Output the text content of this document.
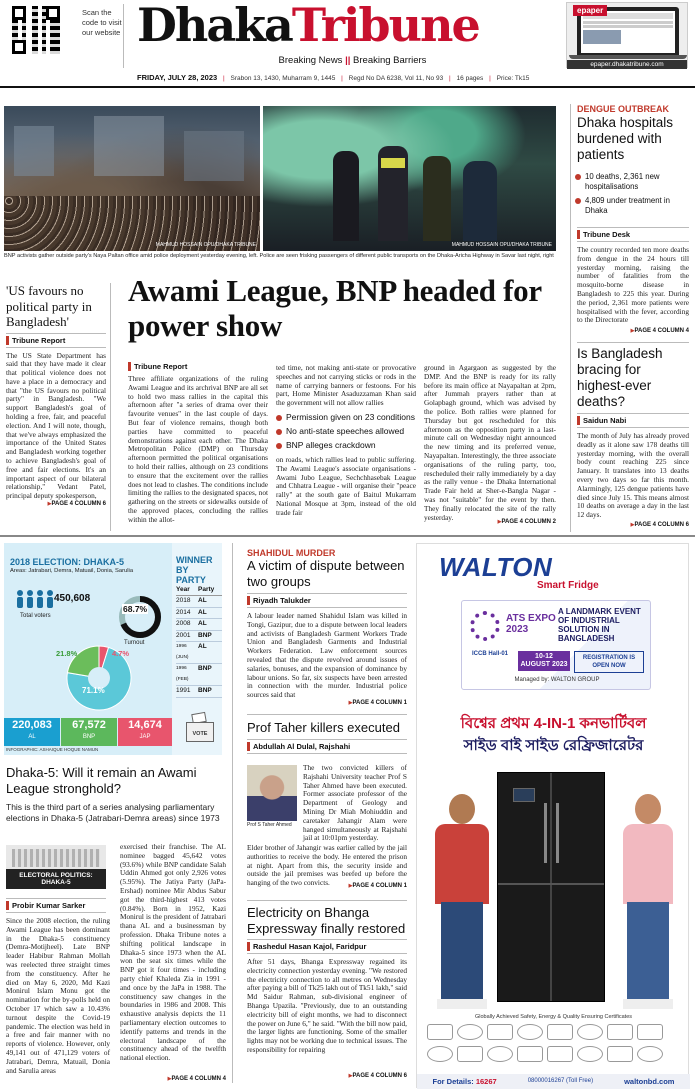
Scan the code to visit our website DhakaTribune
Breaking News || Breaking Barriers
epaper
epaper.dhakatribune.com
FRIDAY, JULY 28, 2023 | Srabon 13, 1430, Muharram 9, 1445 | Regd No DA 6238, Vol 11, No 93 | 16 pages | Price: Tk15
MAHMUD HOSSAIN OPU/DHAKA TRIBUNE	MAHMUD HOSSAIN OPU/DHAKA TRIBUNE
BNP activists gather outside party's Naya Paltan office amid police deployment yesterday evening, left. Police are seen frisking passengers of different public transports on the Dhaka-Aricha Highway in Savar last night, right
DENGUE OUTBREAK
Dhaka hospitals burdened with patients
10 deaths, 2,361 new hospitalisations
4,809 under treatment in Dhaka
Tribune Desk
The country recorded ten more deaths from dengue in the 24 hours till yesterday morning, raising the number of fatalities from the mosquito-borne disease in Bangladesh to 225 this year. During the period, 2,361 more patients were hospitalised with the fever, according to the Directorate
▶ PAGE 4 COLUMN 4
Is Bangladesh bracing for highest-ever deaths?
Saidun Nabi
The month of July has already proved deadly as it alone saw 178 deaths till yesterday morning, with the overall body count reaching 225 since January. It translates into 13 deaths every two days so far this month. Alarmingly, 125 dengue patients have died since July 15. This means almost 10 deaths on average a day in the last 12 days.
▶ PAGE 4 COLUMN 6
'US favours no political party in Bangladesh'
Tribune Report
The US State Department has said that they have made it clear that political violence does not have a place in a democracy and that "the US favours no political party" in Bangladesh. "We support Bangladesh's goal of holding a free, fair, and peaceful election. And I will note, though, that we've always emphasized the importance of the United States and Bangladesh working together to achieve Bangladesh's goal of free and fair elections. It's an important aspect of our bilateral relationship," Vedant Patel, principal deputy spokesperson,
▶ PAGE 4 COLUMN 6
Awami League, BNP headed for power show
Tribune Report
Three affiliate organizations of the ruling Awami League and its archrival BNP are all set to hold two mass rallies in the capital this afternoon after "a series of drama over their favourite venues" in the last couple of days. But fear of violence remains, though both parties have committed to peaceful demonstrations against each other. The Dhaka Metropolitan Police (DMP) on Thursday afternoon permitted the political organisations to hold their rallies, although on 23 conditions to ensure that the excitement over the rallies does not lead to clashes. The conditions include limiting the rallies to the designated spaces, not gathering on the streets or sidewalks outside of the approved places, concluding the rallies within the allot-
ted time, not making anti-state or provocative speeches and not carrying sticks or rods in the name of carrying banners or festoons. For his part, Home Minister Asaduzzaman Khan said the government will not allow rallies
Permission given on 23 conditions
No anti-state speeches allowed
BNP alleges crackdown
on roads, which rallies lead to public suffering. The Awami League's associate organisations - Awami Jubo League, Sechchhasebak League and Chhatra League - will organise their "peace rally" at the south gate of Baitul Mukarram National Mosque at 3pm, instead of the old trade fair
ground in Agargaon as suggested by the DMP. And the BNP is ready for its rally before its main office at Nayapaltan at 2pm, after Jummah prayers rather than at Golapbagh ground, which was advised by the police. Both rallies were planned for Thursday but got rescheduled for this afternoon as the opposition party in a last-minute call on Wednesday night announced the new timing and its preferred venue, Nayapaltan. Interestingly, the three associate organisations of the ruling party, too, rescheduled their rally immediately by a day as the rally venue - the Dhaka International Trade Fair held at Sher-e-Bangla Nagar - was not "suitable" for the event by then. They finally relocated the site of the rally yesterday.
▶ PAGE 4 COLUMN 2
2018 ELECTION: DHAKA-5
Areas: Jatrabari, Demra, Matuail, Donia, Sarulia
450,608
Total voters
68.7%
Turnout
21.8%	4.7%
71.1%
VOTE
220,083
AL
67,572
BNP
14,674
JAP
INFOGRAPHIC: ASHAIQUE HOQUE NAMUN
WINNER BY PARTY
Year	Party
2018	AL
2014	AL
2008	AL
2001	BNP
1996 (JUN)
AL
1996 (FEB)
BNP
1991	BNP
Dhaka-5: Will it remain an Awami League stronghold?
This is the third part of a series analysing parliamentary elections in Dhaka-5 (Jatrabari-Demra areas) since 1973
ELECTORAL POLITICS: DHAKA-5
Probir Kumar Sarker
Since the 2008 election, the ruling Awami League has been dominant in the Dhaka-5 constituency (Demra-Motijheel). Late BNP leader Habibur Rahman Mollah was reelected three straight times from the constituency. After he died on May 6, 2020, Md Kazi Monirul Islam Monu got the nomination for the by-polls held on October 17 which saw a 10.43% turnout despite the Covid-19 pandemic. The election was held in a free and fair manner with no reports of violence. However, only 49,141 out of 471,129 voters of Jatrabari, Demra, Matuail, Donia and Sarulia areas
exercised their franchise. The AL nominee bagged 45,642 votes (93.6%) while BNP candidate Salah Uddin Ahmed got only 2,926 votes (5.95%). The Jatiya Party (JaPa-Ershad) nominee Mir Abdus Sabur got the third-highest 413 votes (0.84%). Born in 1952, Kazi Monirul is the president of Jatrabari thana AL and a businessman by profession. Dhaka Tribune notes a shifting political landscape in Dhaka-5 since 1973 when the AL won the seat six times while the BNP got it four times - including party chief Khaleda Zia in 1991 - and once by the JaPa in 1988. The constituency saw changes in the boundaries in 1986 and 2008. This exhaustive analysis depicts the 11 parliamentary election outcomes to identify patterns and trends in the electoral landscape of the constituency ahead of the twelfth national election.
▶ PAGE 4 COLUMN 4
SHAHIDUL MURDER
A victim of dispute between two groups
Riyadh Talukder
A labour leader named Shahidul Islam was killed in Tongi, Gazipur, due to a dispute between local leaders and activists of Bangladesh Garment Workers Trade Union and Bangladesh Garments and Industrial Workers Federation. Law enforcement sources revealed that the dispute revolved around issues of salaries, bonuses, and the expansion of dominance by labour unions. So far, six suspects have been arrested in connection with the murder. Industrial police sources said that
▶ PAGE 4 COLUMN 1
Prof Taher killers executed
Abdullah Al Dulal, Rajshahi
Prof S Taher Ahmed
The two convicted killers of Rajshahi University teacher Prof S Taher Ahmed have been executed. Former associate professor of the Department of Geology and Mining Dr Miah Mohiuddin and caretaker Jahangir Alam were hanged simultaneously at Rajshahi jail at 10:01pm yesterday.
Elder brother of Jahangir was earlier called by the jail authorities to receive the body. He entered the prison at night. Apart from this, the security inside and outside the jail premises was beefed up before the hanging of the two convicts.
▶	PAGE 4 COLUMN 1
Electricity on Bhanga Expressway finally restored
Rashedul Hasan Kajol, Faridpur
After 51 days, Bhanga Expressway regained its electricity connection yesterday evening. "We restored the electricity connection to all metres on Wednesday after paying a bill of Tk25 lakh out of Tk51 lakh," said Md Saidur Rahman, sub-divisional engineer of Bhanga Upazila. "Previously, due to an outstanding electricity bill of eight months, we had to disconnect the power on June 6," he said. "With the bill now paid, the larger lights are functioning. Some of the smaller lights may not be working due to technical issues. The responsibility for repairing
▶ PAGE 4 COLUMN 6
WALTON
Smart Fridge
ATS EXPO 2023
A LANDMARK EVENT OF INDUSTRIAL SOLUTION IN BANGLADESH
ICCB Hall-01	10-12 AUGUST 2023
REGISTRATION IS OPEN NOW
Managed by: WALTON GROUP
বিশ্বের প্রথম 4-IN-1 কনভার্টিবল
সাইড বাই সাইড রেফ্রিজারেটর
Globally Achieved Safety, Energy & Quality Ensuring Certificates
For Details: 16267	08000016267 (Toll Free)	waltonbd.com
